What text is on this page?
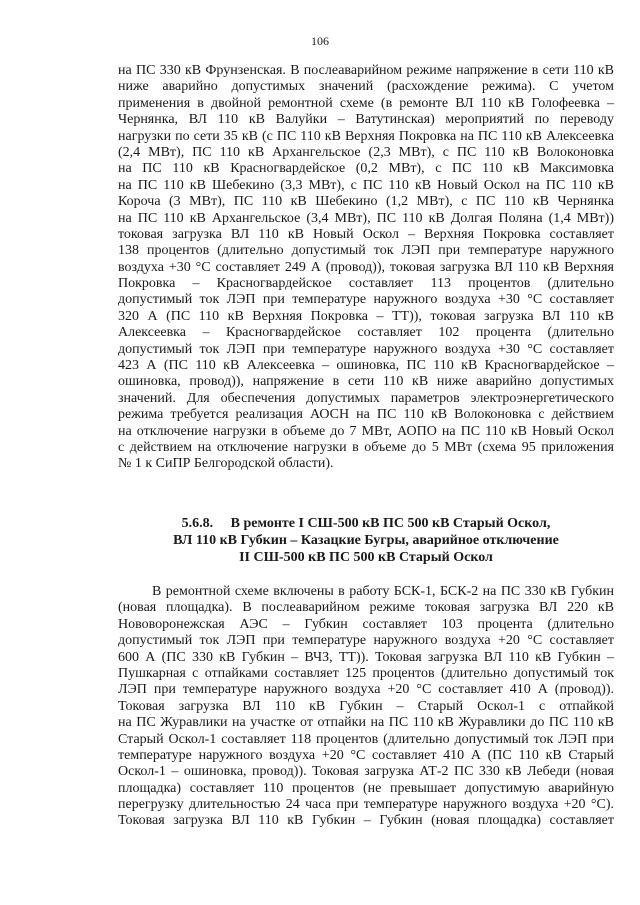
106
на ПС 330 кВ Фрунзенская. В послеаварийном режиме напряжение в сети 110 кВ
ниже аварийно допустимых значений (расхождение режима). С учетом
применения в двойной ремонтной схеме (в ремонте ВЛ 110 кВ Голофеевка –
Чернянка, ВЛ 110 кВ Валуйки – Ватутинская) мероприятий по переводу
нагрузки по сети 35 кВ (с ПС 110 кВ Верхняя Покровка на ПС 110 кВ Алексеевка
(2,4 МВт), ПС 110 кВ Архангельское (2,3 МВт), с ПС 110 кВ Волоконовка
на ПС 110 кВ Красногвардейское (0,2 МВт), с ПС 110 кВ Максимовка
на ПС 110 кВ Шебекино (3,3 МВт), с ПС 110 кВ Новый Оскол на ПС 110 кВ
Короча (3 МВт), ПС 110 кВ Шебекино (1,2 МВт), с ПС 110 кВ Чернянка
на ПС 110 кВ Архангельское (3,4 МВт), ПС 110 кВ Долгая Поляна (1,4 МВт))
токовая загрузка ВЛ 110 кВ Новый Оскол – Верхняя Покровка составляет
138 процентов (длительно допустимый ток ЛЭП при температуре наружного
воздуха +30 °С составляет 249 А (провод)), токовая загрузка ВЛ 110 кВ Верхняя
Покровка – Красногвардейское составляет 113 процентов (длительно
допустимый ток ЛЭП при температуре наружного воздуха +30 °С составляет
320 А (ПС 110 кВ Верхняя Покровка – ТТ)), токовая загрузка ВЛ 110 кВ
Алексеевка – Красногвардейское составляет 102 процента (длительно
допустимый ток ЛЭП при температуре наружного воздуха +30 °С составляет
423 А (ПС 110 кВ Алексеевка – ошиновка, ПС 110 кВ Красногвардейское –
ошиновка, провод)), напряжение в сети 110 кВ ниже аварийно допустимых
значений. Для обеспечения допустимых параметров электроэнергетического
режима требуется реализация АОСН на ПС 110 кВ Волоконовка с действием
на отключение нагрузки в объеме до 7 МВт, АОПО на ПС 110 кВ Новый Оскол
с действием на отключение нагрузки в объеме до 5 МВт (схема 95 приложения
№ 1 к СиПР Белгородской области).
5.6.8.     В ремонте I СШ-500 кВ ПС 500 кВ Старый Оскол,
ВЛ 110 кВ Губкин – Казацкие Бугры, аварийное отключение
II СШ-500 кВ ПС 500 кВ Старый Оскол
В ремонтной схеме включены в работу БСК-1, БСК-2 на ПС 330 кВ Губкин
(новая площадка). В послеаварийном режиме токовая загрузка ВЛ 220 кВ
Нововоронежская АЭС – Губкин составляет 103 процента (длительно
допустимый ток ЛЭП при температуре наружного воздуха +20 °С составляет
600 А (ПС 330 кВ Губкин – ВЧЗ, ТТ)). Токовая загрузка ВЛ 110 кВ Губкин –
Пушкарная с отпайками составляет 125 процентов (длительно допустимый ток
ЛЭП при температуре наружного воздуха +20 °С составляет 410 А (провод)).
Токовая загрузка ВЛ 110 кВ Губкин – Старый Оскол-1 с отпайкой
на ПС Журавлики на участке от отпайки на ПС 110 кВ Журавлики до ПС 110 кВ
Старый Оскол-1 составляет 118 процентов (длительно допустимый ток ЛЭП при
температуре наружного воздуха +20 °С составляет 410 А (ПС 110 кВ Старый
Оскол-1 – ошиновка, провод)). Токовая загрузка АТ-2 ПС 330 кВ Лебеди (новая
площадка) составляет 110 процентов (не превышает допустимую аварийную
перегрузку длительностью 24 часа при температуре наружного воздуха +20 °С).
Токовая загрузка ВЛ 110 кВ Губкин – Губкин (новая площадка) составляет
